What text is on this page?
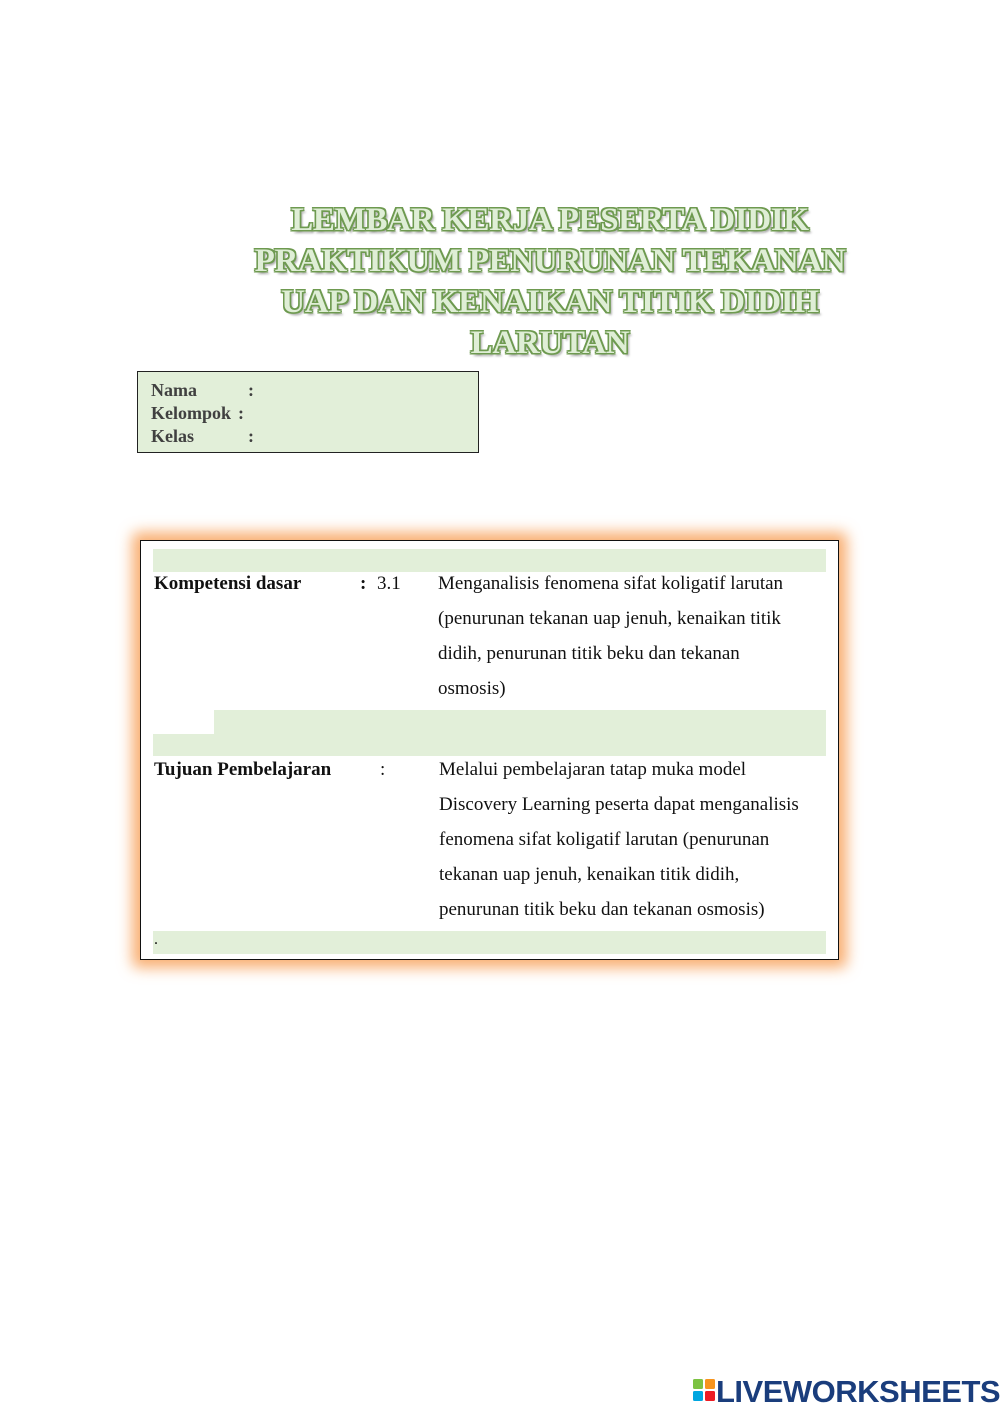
LEMBAR KERJA PESERTA DIDIK
PRAKTIKUM PENURUNAN TEKANAN
UAP DAN KENAIKAN TITIK DIDIH
LARUTAN
Nama	:
Kelompok :
Kelas	:
Kompetensi dasar	: 3.1 Menganalisis fenomena sifat koligatif larutan
(penurunan tekanan uap jenuh, kenaikan titik
didih, penurunan titik beku dan tekanan
osmosis)
Tujuan Pembelajaran	:	Melalui pembelajaran tatap muka model
Discovery Learning peserta dapat menganalisis
fenomena sifat koligatif larutan (penurunan
tekanan uap jenuh, kenaikan titik didih,
penurunan titik beku dan tekanan osmosis)
.
LIVEWORKSHEETS
